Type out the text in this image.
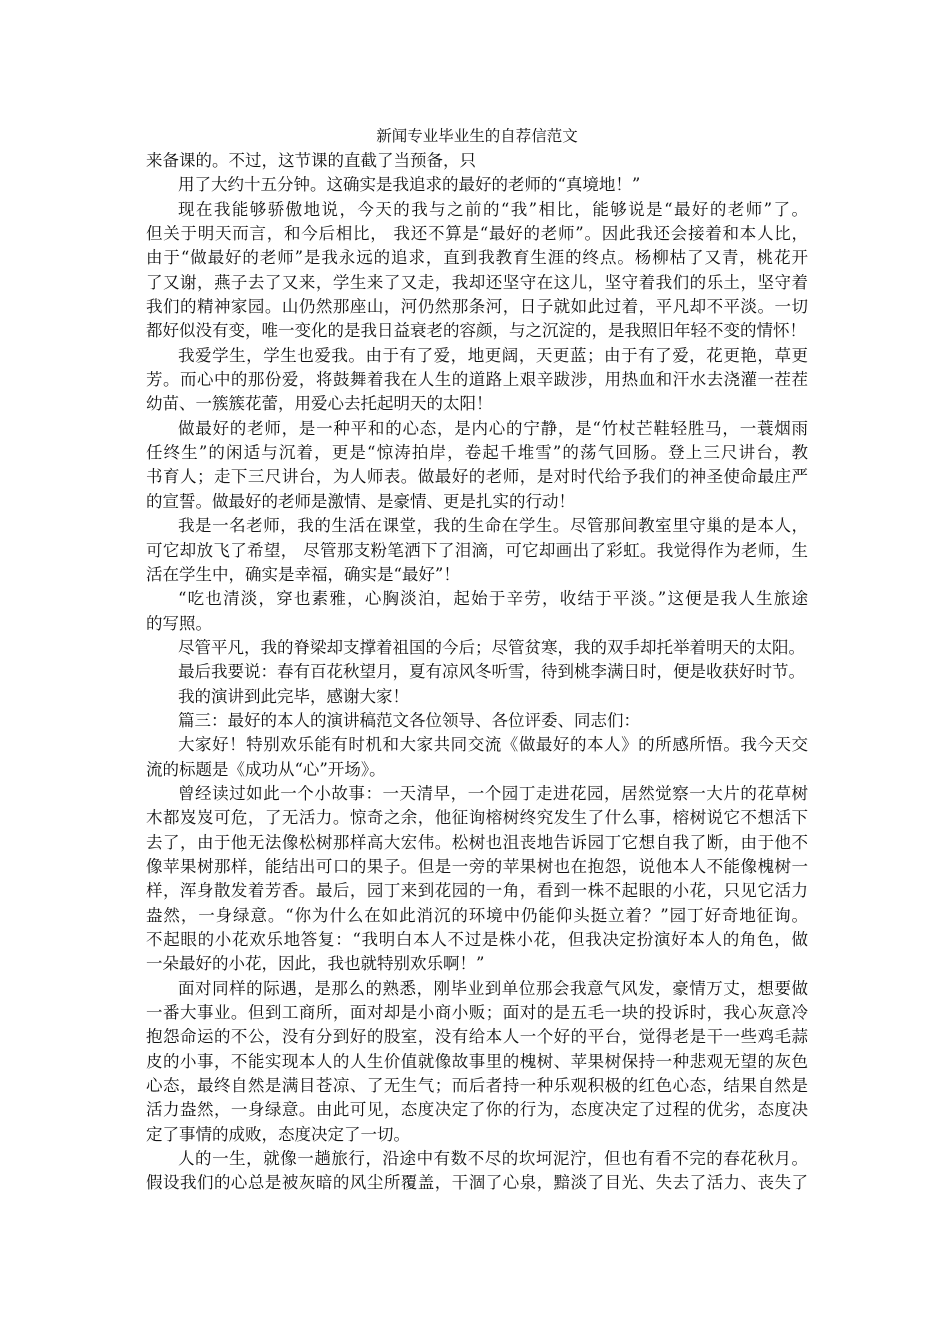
新闻专业毕业生的自荐信范文
来备课的。不过，这节课的直截了当预备，只
用了大约十五分钟。这确实是我追求的最好的老师的“真境地！”
现在我能够骄傲地说，今天的我与之前的“我”相比，能够说是“最好的老师”了。
但关于明天而言，和今后相比， 我还不算是“最好的老师”。因此我还会接着和本人比，
由于“做最好的老师”是我永远的追求，直到我教育生涯的终点。杨柳枯了又青，桃花开
了又谢，燕子去了又来，学生来了又走，我却还坚守在这儿，坚守着我们的乐土，坚守着
我们的精神家园。山仍然那座山，河仍然那条河，日子就如此过着，平凡却不平淡。一切
都好似没有变，唯一变化的是我日益衰老的容颜，与之沉淀的，是我照旧年轻不变的情怀！
我爱学生，学生也爱我。由于有了爱，地更阔，天更蓝；由于有了爱，花更艳，草更
芳。而心中的那份爱，将鼓舞着我在人生的道路上艰辛跋涉，用热血和汗水去浇灌一茬茬
幼苗、一簇簇花蕾，用爱心去托起明天的太阳！
做最好的老师，是一种平和的心态，是内心的宁静，是“竹杖芒鞋轻胜马，一蓑烟雨
任终生”的闲适与沉着，更是“惊涛拍岸，卷起千堆雪”的荡气回肠。登上三尺讲台，教
书育人；走下三尺讲台，为人师表。做最好的老师，是对时代给予我们的神圣使命最庄严
的宣誓。做最好的老师是激情、是豪情、更是扎实的行动！
我是一名老师，我的生活在课堂，我的生命在学生。尽管那间教室里守巢的是本人，
可它却放飞了希望， 尽管那支粉笔洒下了泪滴，可它却画出了彩虹。我觉得作为老师，生
活在学生中，确实是幸福，确实是“最好”！
“吃也清淡，穿也素雅，心胸淡泊，起始于辛劳，收结于平淡。”这便是我人生旅途
的写照。
尽管平凡，我的脊梁却支撑着祖国的今后；尽管贫寒，我的双手却托举着明天的太阳。
最后我要说：春有百花秋望月，夏有凉风冬听雪，待到桃李满日时，便是收获好时节。
我的演讲到此完毕，感谢大家！
篇三：最好的本人的演讲稿范文各位领导、各位评委、同志们：
大家好！特别欢乐能有时机和大家共同交流《做最好的本人》的所感所悟。我今天交
流的标题是《成功从“心”开场》。
曾经读过如此一个小故事：一天清早，一个园丁走进花园，居然觉察一大片的花草树
木都岌岌可危，了无活力。惊奇之余，他征询榕树终究发生了什么事，榕树说它不想活下
去了，由于他无法像松树那样高大宏伟。松树也沮丧地告诉园丁它想自我了断，由于他不
像苹果树那样，能结出可口的果子。但是一旁的苹果树也在抱怨，说他本人不能像槐树一
样，浑身散发着芳香。最后，园丁来到花园的一角，看到一株不起眼的小花，只见它活力
盎然，一身绿意。“你为什么在如此消沉的环境中仍能仰头挺立着？”园丁好奇地征询。
不起眼的小花欢乐地答复：“我明白本人不过是株小花，但我决定扮演好本人的角色，做
一朵最好的小花，因此，我也就特别欢乐啊！”
面对同样的际遇，是那么的熟悉，刚毕业到单位那会我意气风发，豪情万丈，想要做
一番大事业。但到工商所，面对却是小商小贩；面对的是五毛一块的投诉时，我心灰意冷
抱怨命运的不公，没有分到好的股室，没有给本人一个好的平台，觉得老是干一些鸡毛蒜
皮的小事，不能实现本人的人生价值就像故事里的槐树、苹果树保持一种悲观无望的灰色
心态，最终自然是满目苍凉、了无生气；而后者持一种乐观积极的红色心态，结果自然是
活力盎然，一身绿意。由此可见，态度决定了你的行为，态度决定了过程的优劣，态度决
定了事情的成败，态度决定了一切。
人的一生，就像一趟旅行，沿途中有数不尽的坎坷泥泞，但也有看不完的春花秋月。
假设我们的心总是被灰暗的风尘所覆盖，干涸了心泉，黯淡了目光、失去了活力、丧失了
